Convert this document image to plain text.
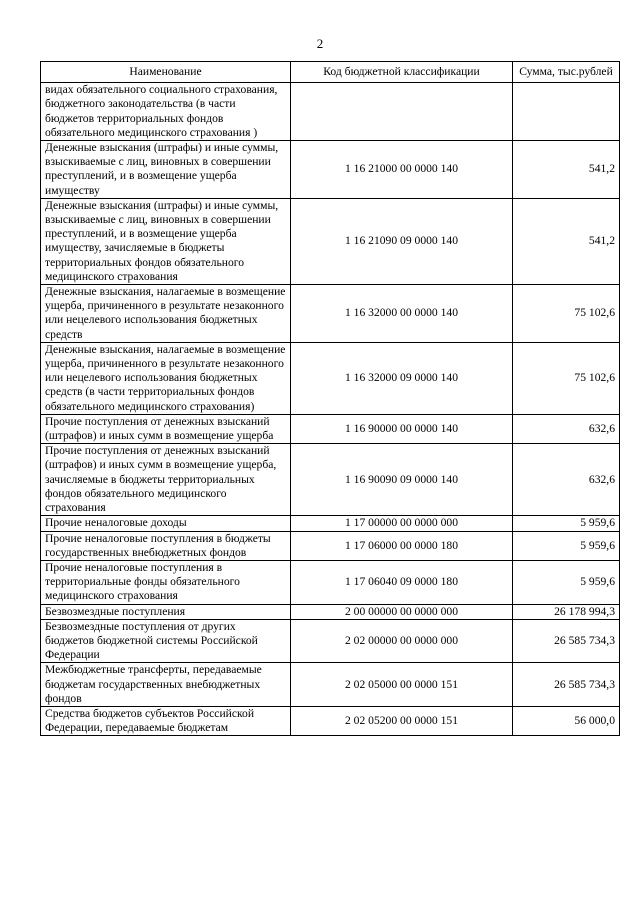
2
Наименование	Код бюджетной классификации	Сумма, тыс.рублей
видах обязательного социального страхования, бюджетного законодательства (в части бюджетов территориальных фондов обязательного медицинского страхования )		
Денежные взыскания (штрафы) и иные суммы, взыскиваемые с лиц, виновных в совершении преступлений, и в возмещение ущерба имуществу	1 16 21000 00 0000 140	541,2
Денежные взыскания (штрафы) и иные суммы, взыскиваемые с лиц, виновных в совершении преступлений, и в возмещение ущерба имуществу, зачисляемые в бюджеты территориальных фондов обязательного медицинского страхования	1 16 21090 09 0000 140	541,2
Денежные взыскания, налагаемые в возмещение ущерба, причиненного в результате незаконного или нецелевого использования бюджетных средств	1 16 32000 00 0000 140	75 102,6
Денежные взыскания, налагаемые в возмещение ущерба, причиненного в результате незаконного или нецелевого использования бюджетных средств (в части территориальных фондов обязательного медицинского страхования)	1 16 32000 09 0000 140	75 102,6
Прочие поступления от денежных взысканий (штрафов) и иных сумм в возмещение ущерба	1 16 90000 00 0000 140	632,6
Прочие поступления от денежных взысканий (штрафов) и иных сумм в возмещение ущерба, зачисляемые в бюджеты территориальных фондов обязательного медицинского страхования	1 16 90090 09 0000 140	632,6
Прочие неналоговые доходы	1 17 00000 00 0000 000	5 959,6
Прочие неналоговые поступления в бюджеты государственных внебюджетных фондов	1 17 06000 00 0000 180	5 959,6
Прочие неналоговые поступления в территориальные фонды обязательного медицинского страхования	1 17 06040 09 0000 180	5 959,6
Безвозмездные поступления	2 00 00000 00 0000 000	26 178 994,3
Безвозмездные поступления от других бюджетов бюджетной системы Российской Федерации	2 02 00000 00 0000 000	26 585 734,3
Межбюджетные трансферты, передаваемые бюджетам государственных внебюджетных фондов	2 02 05000 00 0000 151	26 585 734,3
Средства бюджетов субъектов Российской Федерации, передаваемые бюджетам	2 02 05200 00 0000 151	56 000,0
